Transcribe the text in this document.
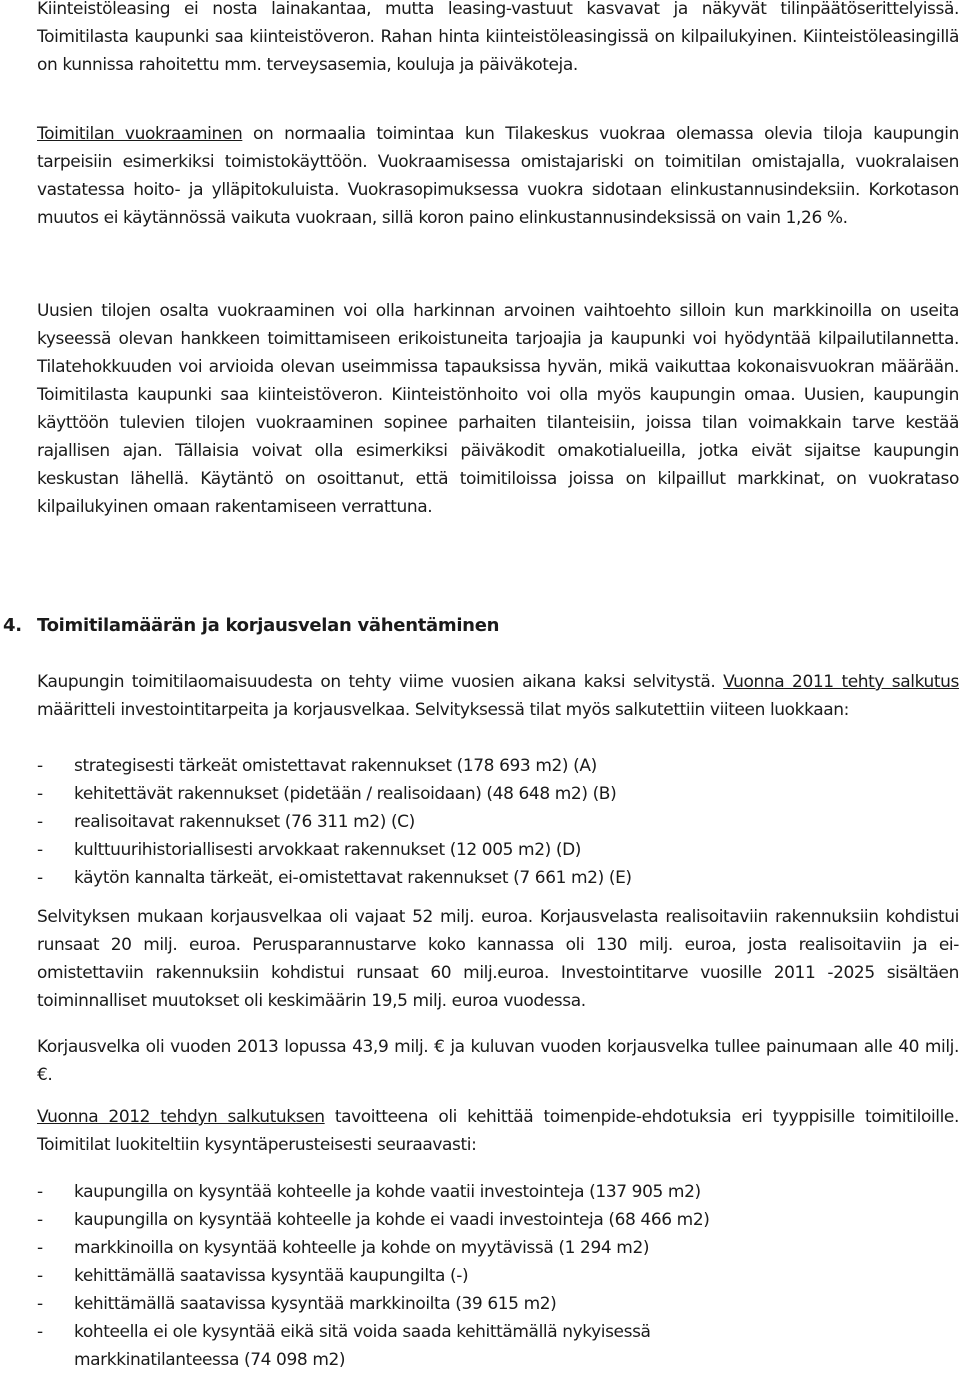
Kiinteistöleasing ei nosta lainakantaa, mutta leasing-vastuut kasvavat ja näkyvät tilinpäätöserittelyissä. Toimitilasta kaupunki saa kiinteistöveron. Rahan hinta kiinteistöleasingissä on kilpailukyinen. Kiinteistöleasingillä on kunnissa rahoitettu mm. terveysasemia, kouluja ja päiväkoteja.

Toimitilan vuokraaminen on normaalia toimintaa kun Tilakeskus vuokraa olemassa olevia tiloja kaupungin tarpeisiin esimerkiksi toimistokäyttöön. Vuokraamisessa omistajariski on toimitilan omistajalla, vuokralaisen vastatessa hoito- ja ylläpitokuluista. Vuokrasopimuksessa vuokra sidotaan elinkustannusindeksiin. Korkotason muutos ei käytännössä vaikuta vuokraan, sillä koron paino elinkustannusindeksissä on vain 1,26 %.

Uusien tilojen osalta vuokraaminen voi olla harkinnan arvoinen vaihtoehto silloin kun markkinoilla on useita kyseessä olevan hankkeen toimittamiseen erikoistuneita tarjoajia ja kaupunki voi hyödyntää kilpailutilannetta. Tilatehokkuuden voi arvioida olevan useimmissa tapauksissa hyvän, mikä vaikuttaa kokonaisvuokran määrään. Toimitilasta kaupunki saa kiinteistöveron. Kiinteistönhoito voi olla myös kaupungin omaa. Uusien, kaupungin käyttöön tulevien tilojen vuokraaminen sopinee parhaiten tilanteisiin, joissa tilan voimakkain tarve kestää rajallisen ajan. Tällaisia voivat olla esimerkiksi päiväkodit omakotialueilla, jotka eivät sijaitse kaupungin keskustan lähellä. Käytäntö on osoittanut, että toimitiloissa joissa on kilpaillut markkinat, on vuokrataso kilpailukyinen omaan rakentamiseen verrattuna.

4. Toimitilamäärän ja korjausvelan vähentäminen

Kaupungin toimitilaomaisuudesta on tehty viime vuosien aikana kaksi selvitystä. Vuonna 2011 tehty salkutus määritteli investointitarpeita ja korjausvelkaa. Selvityksessä tilat myös salkutettiin viiteen luokkaan:

- strategisesti tärkeät omistettavat rakennukset (178 693 m2) (A)
- kehitettävät rakennukset (pidetään / realisoidaan) (48 648 m2) (B)
- realisoitavat rakennukset (76 311 m2) (C)
- kulttuurihistoriallisesti arvokkaat rakennukset (12 005 m2) (D)
- käytön kannalta tärkeät, ei-omistettavat rakennukset (7 661 m2) (E)

Selvityksen mukaan korjausvelkaa oli vajaat 52 milj. euroa. Korjausvelasta realisoitaviin rakennuksiin kohdistui runsaat 20 milj. euroa. Perusparannustarve koko kannassa oli 130 milj. euroa, josta realisoitaviin ja ei-omistettaviin rakennuksiin kohdistui runsaat 60 milj.euroa. Investointitarve vuosille 2011 -2025 sisältäen toiminnalliset muutokset oli keskimäärin 19,5 milj. euroa vuodessa.

Korjausvelka oli vuoden 2013 lopussa 43,9 milj. € ja kuluvan vuoden korjausvelka tullee painumaan alle 40 milj. €.

Vuonna 2012 tehdyn salkutuksen tavoitteena oli kehittää toimenpide-ehdotuksia eri tyyppisille toimitiloille. Toimitilat luokiteltiin kysyntäperusteisesti seuraavasti:

- kaupungilla on kysyntää kohteelle ja kohde vaatii investointeja (137 905 m2)
- kaupungilla on kysyntää kohteelle ja kohde ei vaadi investointeja (68 466 m2)
- markkinoilla on kysyntää kohteelle ja kohde on myytävissä (1 294 m2)
- kehittämällä saatavissa kysyntää kaupungilta (-)
- kehittämällä saatavissa kysyntää markkinoilta (39 615 m2)
- kohteella ei ole kysyntää eikä sitä voida saada kehittämällä nykyisessä markkinatilanteessa (74 098 m2)
